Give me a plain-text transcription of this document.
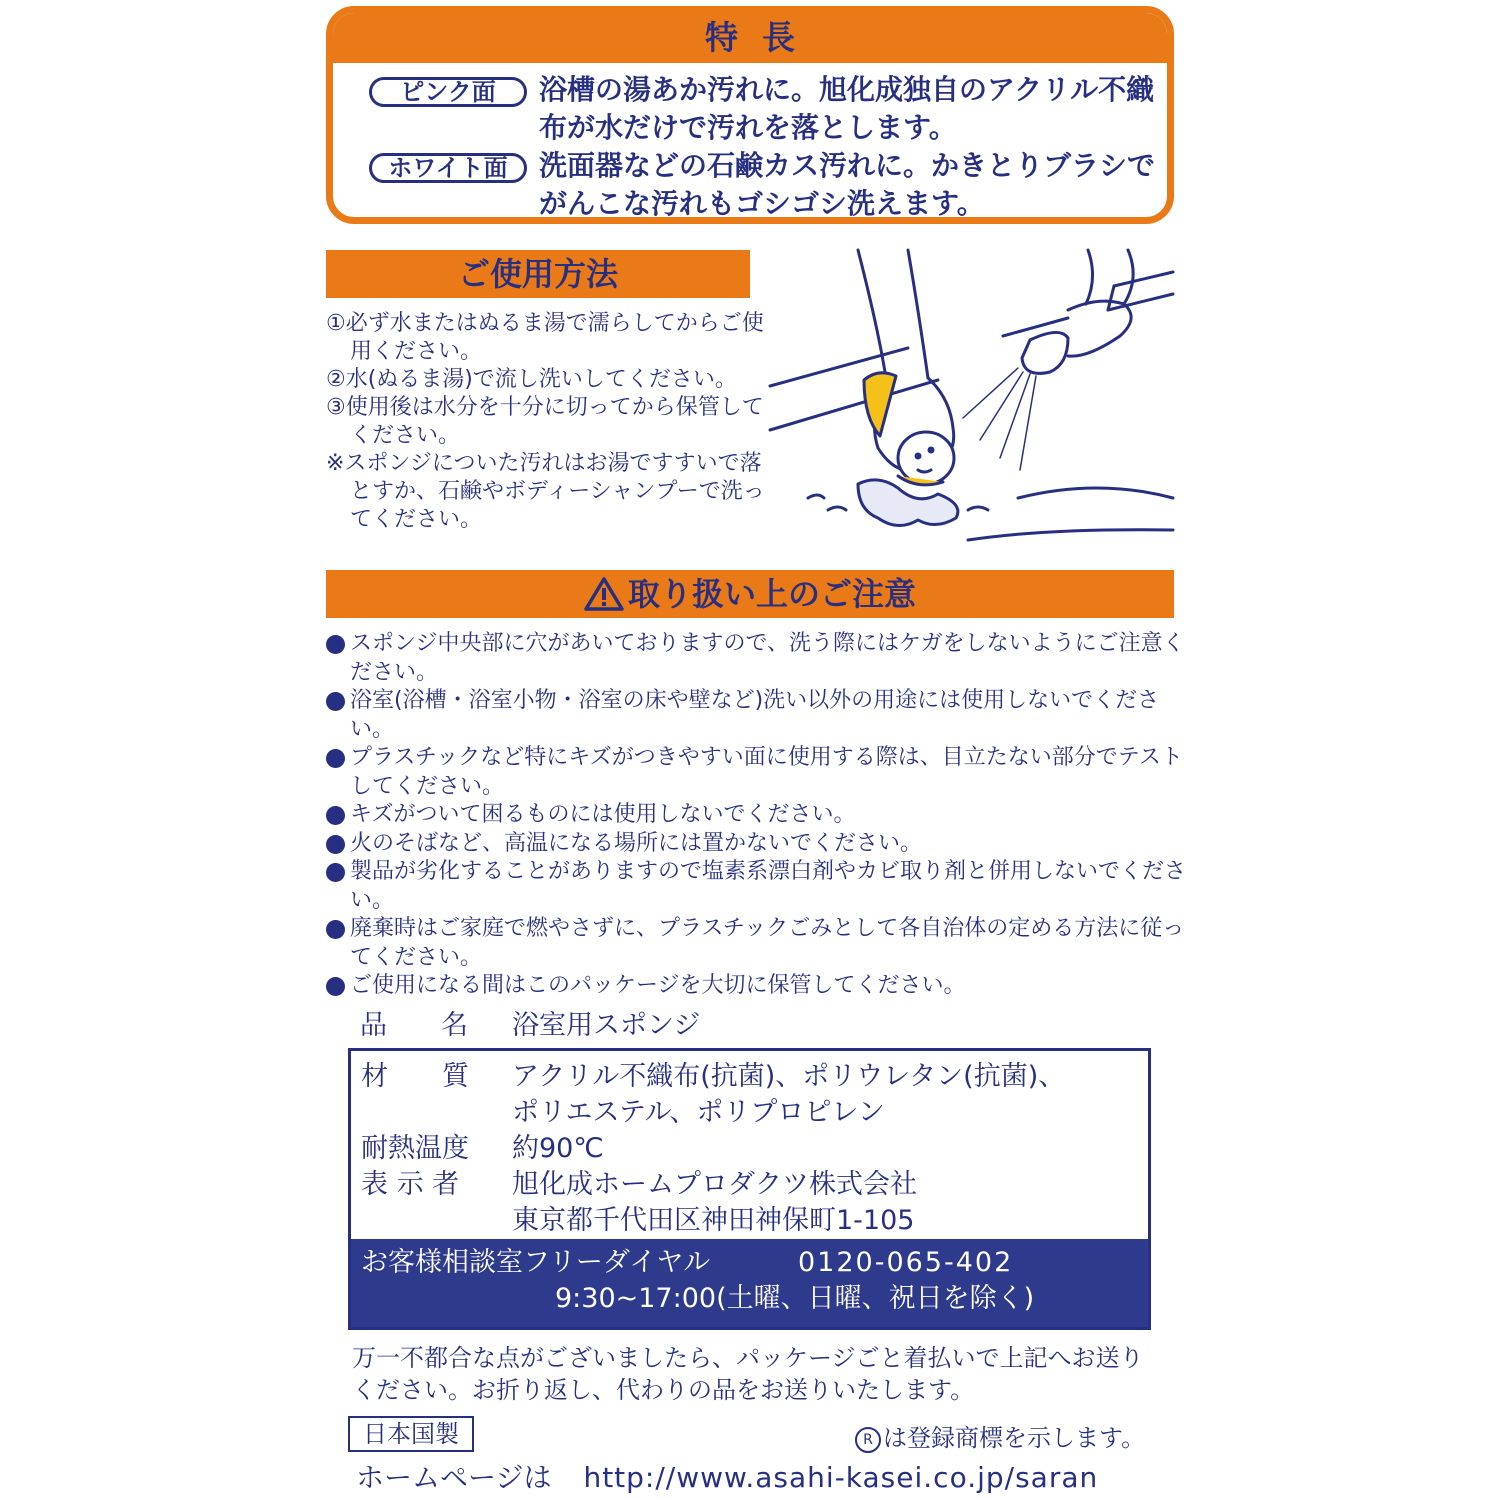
特長
ピンク面	浴槽の湯あか汚れに。旭化成独自のアクリル不織布が水だけで汚れを落とします。
ホワイト面	洗面器などの石鹸カス汚れに。かきとりブラシでがんこな汚れもゴシゴシ洗えます。
ご使用方法
①必ず水またはぬるま湯で濡らしてからご使用ください。
②水(ぬるま湯)で流し洗いしてください。
③使用後は水分を十分に切ってから保管してください。
※スポンジについた汚れはお湯ですすいで落とすか、石鹸やボディーシャンプーで洗ってください。
取り扱い上のご注意
スポンジ中央部に穴があいておりますので、洗う際にはケガをしないようにご注意ください。
浴室(浴槽・浴室小物・浴室の床や壁など)洗い以外の用途には使用しないでください。
プラスチックなど特にキズがつきやすい面に使用する際は、目立たない部分でテストしてください。
キズがついて困るものには使用しないでください。
火のそばなど、高温になる場所には置かないでください。
製品が劣化することがありますので塩素系漂白剤やカビ取り剤と併用しないでください。
廃棄時はご家庭で燃やさずに、プラスチックごみとして各自治体の定める方法に従ってください。
ご使用になる間はこのパッケージを大切に保管してください。
品　　名 浴室用スポンジ
材　　質	アクリル不織布(抗菌)、ポリウレタン(抗菌)、
ポリエステル、ポリプロピレン
耐熱温度	約90℃
表 示 者	旭化成ホームプロダクツ株式会社
東京都千代田区神田神保町1-105
お客様相談室フリーダイヤル	0120-065-402
9:30~17:00(土曜、日曜、祝日を除く)
万一不都合な点がございましたら、パッケージごと着払いで上記へお送りください。お折り返し、代わりの品をお送りいたします。
日本国製	R は登録商標を示します。
ホームページは http://www.asahi-kasei.co.jp/saran
